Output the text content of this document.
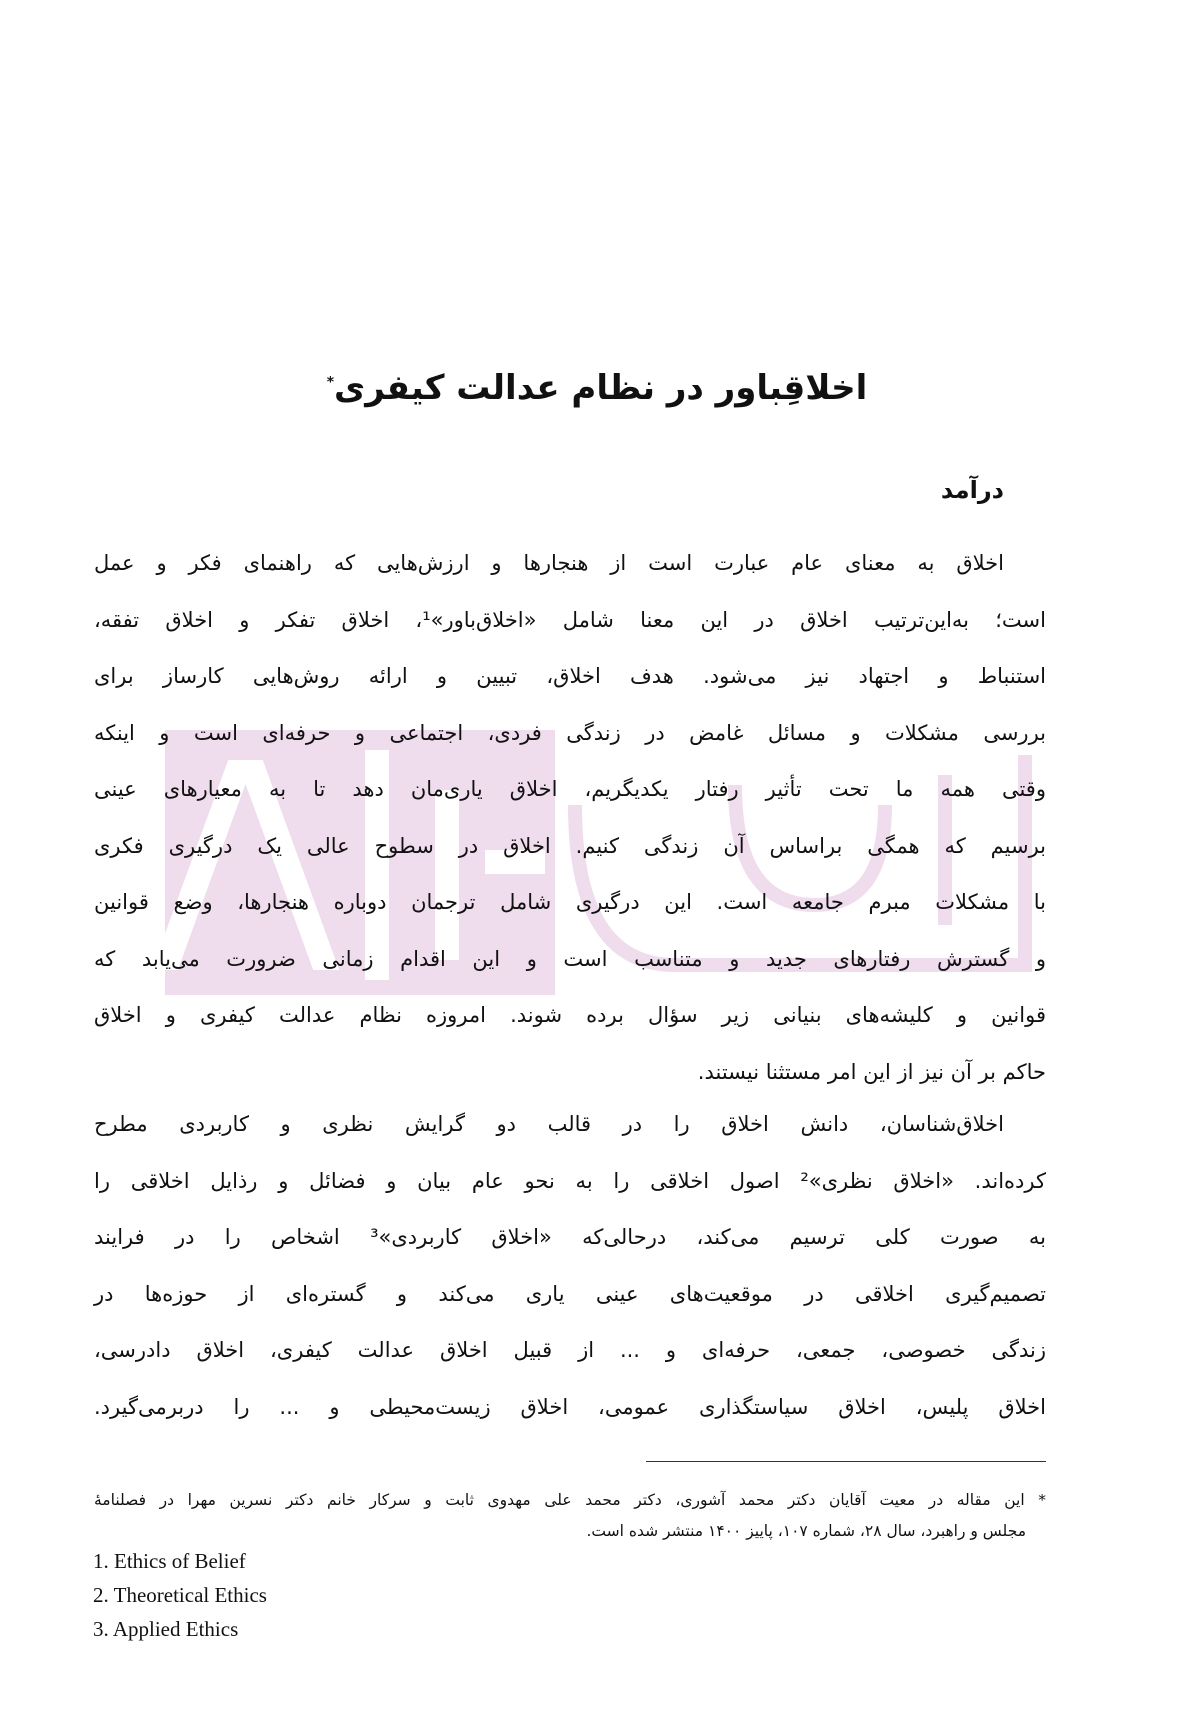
اخلاقِباور در نظام عدالت کیفری*
درآمد
اخلاق به معنای عام عبارت است از هنجارها و ارزش‌هایی که راهنمای فکر و عمل
است؛ به‌این‌ترتیب اخلاق در این معنا شامل «اخلاق‌باور»¹، اخلاق تفکر و اخلاق تفقه،
استنباط و اجتهاد نیز می‌شود. هدف اخلاق، تبیین و ارائه روش‌هایی کارساز برای
بررسی مشکلات و مسائل غامض در زندگی فردی، اجتماعی و حرفه‌ای است و اینکه
وقتی همه ما تحت تأثیر رفتار یکدیگریم، اخلاق یاری‌مان دهد تا به معیارهای عینی
برسیم که همگی براساس آن زندگی کنیم. اخلاق در سطوح عالی یک درگیری فکری
با مشکلات مبرم جامعه است. این درگیری شامل ترجمان دوباره هنجارها، وضع قوانین
و گسترش رفتارهای جدید و متناسب است و این اقدام زمانی ضرورت می‌یابد که
قوانین و کلیشه‌های بنیانی زیر سؤال برده شوند. امروزه نظام عدالت کیفری و اخلاق
حاکم بر آن نیز از این امر مستثنا نیستند.
اخلاق‌شناسان، دانش اخلاق را در قالب دو گرایش نظری و کاربردی مطرح
کرده‌اند. «اخلاق نظری»² اصول اخلاقی را به نحو عام بیان و فضائل و رذایل اخلاقی را
به صورت کلی ترسیم می‌کند، درحالی‌که «اخلاق کاربردی»³ اشخاص را در فرایند
تصمیم‌گیری اخلاقی در موقعیت‌های عینی یاری می‌کند و گستره‌ای از حوزه‌ها در
زندگی خصوصی، جمعی، حرفه‌ای و ... از قبیل اخلاق عدالت کیفری، اخلاق دادرسی،
اخلاق پلیس، اخلاق سیاستگذاری عمومی، اخلاق زیست‌محیطی و ... را دربرمی‌گیرد.
* این مقاله در معیت آقایان دکتر محمد آشوری، دکتر محمد علی مهدوی ثابت و سرکار خانم دکتر نسرین مهرا در فصلنامهٔ
مجلس و راهبرد، سال ۲۸، شماره ۱۰۷، پاییز ۱۴۰۰ منتشر شده است.
1. Ethics of Belief
2. Theoretical Ethics
3. Applied Ethics
